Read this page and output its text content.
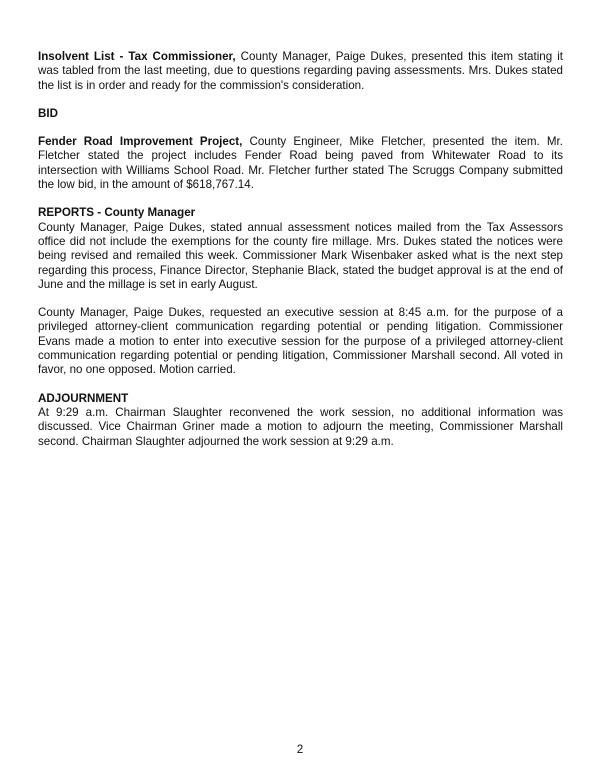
Insolvent List - Tax Commissioner, County Manager, Paige Dukes, presented this item stating it was tabled from the last meeting, due to questions regarding paving assessments. Mrs. Dukes stated the list is in order and ready for the commission's consideration.
BID
Fender Road Improvement Project, County Engineer, Mike Fletcher, presented the item. Mr. Fletcher stated the project includes Fender Road being paved from Whitewater Road to its intersection with Williams School Road. Mr. Fletcher further stated The Scruggs Company submitted the low bid, in the amount of $618,767.14.
REPORTS - County Manager
County Manager, Paige Dukes, stated annual assessment notices mailed from the Tax Assessors office did not include the exemptions for the county fire millage. Mrs. Dukes stated the notices were being revised and remailed this week. Commissioner Mark Wisenbaker asked what is the next step regarding this process, Finance Director, Stephanie Black, stated the budget approval is at the end of June and the millage is set in early August.
County Manager, Paige Dukes, requested an executive session at 8:45 a.m. for the purpose of a privileged attorney-client communication regarding potential or pending litigation. Commissioner Evans made a motion to enter into executive session for the purpose of a privileged attorney-client communication regarding potential or pending litigation, Commissioner Marshall second. All voted in favor, no one opposed. Motion carried.
ADJOURNMENT
At 9:29 a.m. Chairman Slaughter reconvened the work session, no additional information was discussed. Vice Chairman Griner made a motion to adjourn the meeting, Commissioner Marshall second. Chairman Slaughter adjourned the work session at 9:29 a.m.
2
